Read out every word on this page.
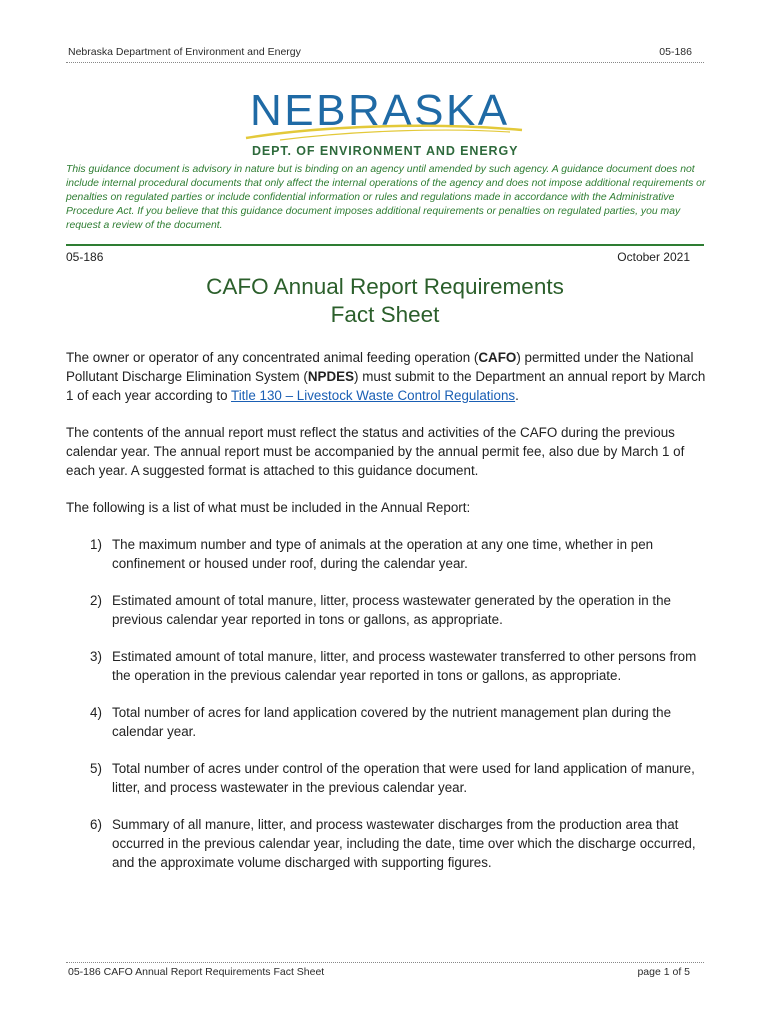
Nebraska Department of Environment and Energy	05-186
NEBRASKA
DEPT. OF ENVIRONMENT AND ENERGY

This guidance document is advisory in nature but is binding on an agency until amended by such agency. A guidance document does not include internal procedural documents that only affect the internal operations of the agency and does not impose additional requirements or penalties on regulated parties or include confidential information or rules and regulations made in accordance with the Administrative Procedure Act. If you believe that this guidance document imposes additional requirements or penalties on regulated parties, you may request a review of the document.

05-186	October 2021
CAFO Annual Report Requirements
Fact Sheet

The owner or operator of any concentrated animal feeding operation (CAFO) permitted under the National Pollutant Discharge Elimination System (NPDES) must submit to the Department an annual report by March 1 of each year according to Title 130 – Livestock Waste Control Regulations.

The contents of the annual report must reflect the status and activities of the CAFO during the previous calendar year. The annual report must be accompanied by the annual permit fee, also due by March 1 of each year. A suggested format is attached to this guidance document.

The following is a list of what must be included in the Annual Report:

1) The maximum number and type of animals at the operation at any one time, whether in pen confinement or housed under roof, during the calendar year.
2) Estimated amount of total manure, litter, process wastewater generated by the operation in the previous calendar year reported in tons or gallons, as appropriate.
3) Estimated amount of total manure, litter, and process wastewater transferred to other persons from the operation in the previous calendar year reported in tons or gallons, as appropriate.
4) Total number of acres for land application covered by the nutrient management plan during the calendar year.
5) Total number of acres under control of the operation that were used for land application of manure, litter, and process wastewater in the previous calendar year.
6) Summary of all manure, litter, and process wastewater discharges from the production area that occurred in the previous calendar year, including the date, time over which the discharge occurred, and the approximate volume discharged with supporting figures.
05-186 CAFO Annual Report Requirements Fact Sheet	page 1 of 5
